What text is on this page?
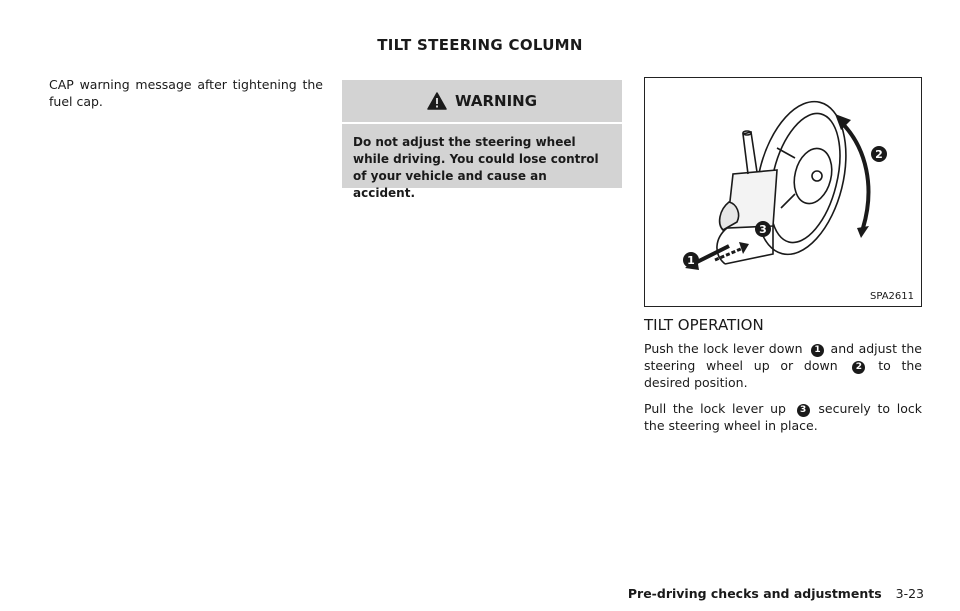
TILT STEERING COLUMN
CAP warning message after tightening the fuel cap.	WARNING
Do not adjust the steering wheel while driving. You could lose control of your vehicle and cause an accident.
2
3
1
SPA2611
TILT OPERATION

Push the lock lever down 1 and adjust the steering wheel up or down 2 to the desired position.

Pull the lock lever up 3 securely to lock the steering wheel in place.

Pre-driving checks and adjustments 3-23
